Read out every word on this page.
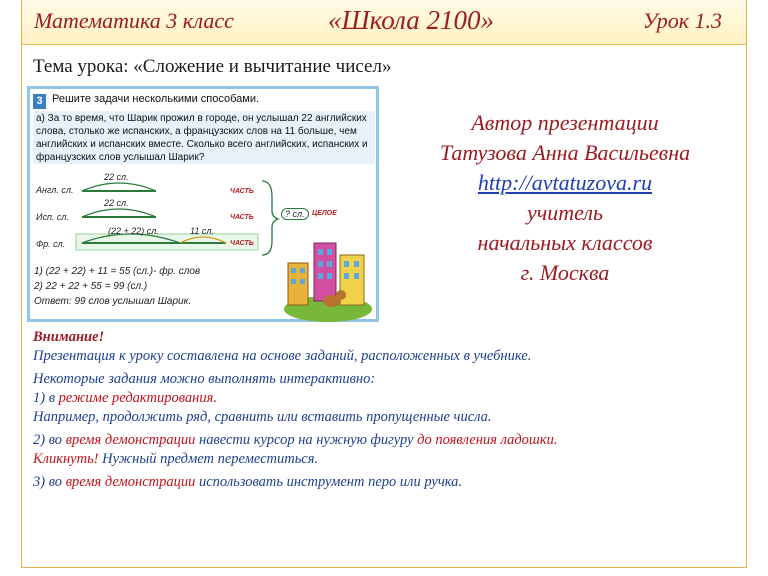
Математика 3 класс	«Школа 2100»	Урок 1.3
Тема урока: «Сложение и вычитание чисел»
3 Решите задачи несколькими способами.
а) За то время, что Шарик прожил в городе, он услышал 22 английских
слова, столько же испанских, а французских слов на 11 больше, чем
английских и испанских вместе. Сколько всего английских, испанских и
французских слов услышал Шарик?
Англ. сл.
22 сл.
ЧАСТЬ
Исп. сл.
22 сл.
ЧАСТЬ
Фр. сл.
(22 + 22) сл.	11 сл.
ЧАСТЬ
? сл.	ЦЕЛОЕ
1) (22 + 22) + 11 = 55 (сл.)- фр. слов
2) 22 + 22 + 55 = 99 (сл.)
Ответ: 99 слов услышал Шарик.
Автор презентации
Татузова Анна Васильевна
http://avtatuzova.ru
учитель
начальных классов
г. Москва

Внимание!

Презентация к уроку составлена на основе заданий, расположенных в учебнике.

Некоторые задания можно выполнять интерактивно:

1) в режиме редактирования.

Например, продолжить ряд, сравнить или вставить пропущенные числа.

2) во время демонстрации навести курсор на нужную фигуру до появления ладошки.

Кликнуть! Нужный предмет переместиться.

3) во время демонстрации использовать инструмент перо или ручка.
